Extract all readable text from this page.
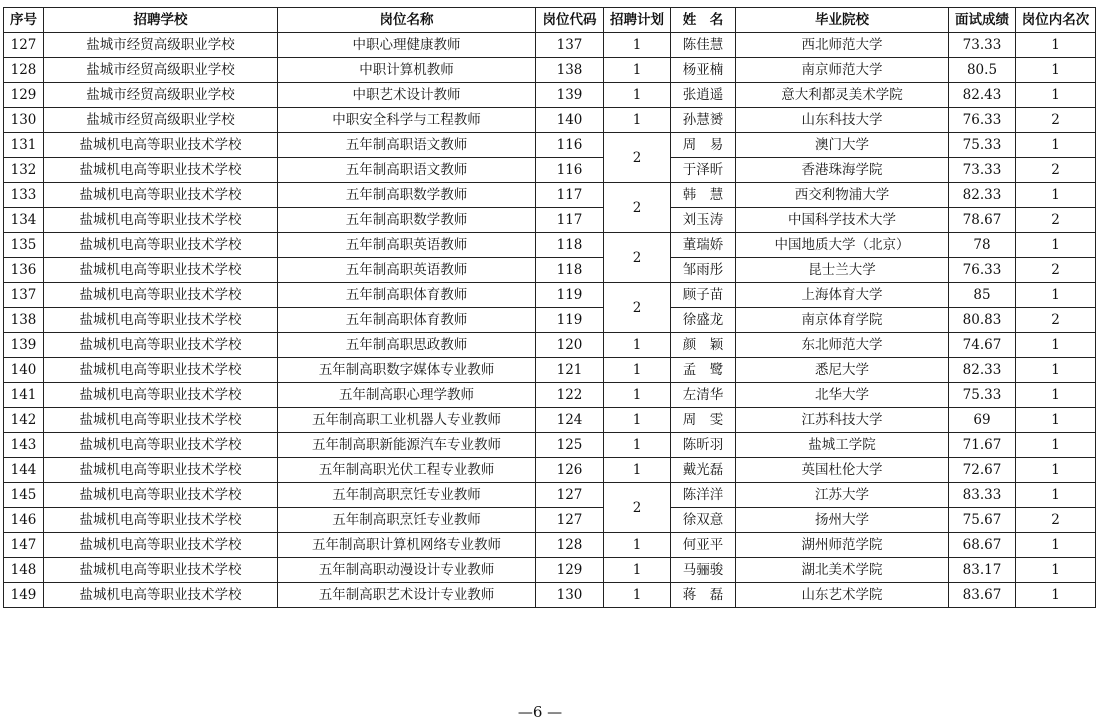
序号	招聘学校	岗位名称	岗位代码	招聘计划	姓　名	毕业院校	面试成绩	岗位内名次
127	盐城市经贸高级职业学校	中职心理健康教师	137	1	陈佳慧	西北师范大学	73.33	1
128	盐城市经贸高级职业学校	中职计算机教师	138	1	杨亚楠	南京师范大学	80.5	1
129	盐城市经贸高级职业学校	中职艺术设计教师	139	1	张逍遥	意大利都灵美术学院	82.43	1
130	盐城市经贸高级职业学校	中职安全科学与工程教师	140	1	孙慧赟	山东科技大学	76.33	2
131	盐城机电高等职业技术学校	五年制高职语文教师	116	2	周　易	澳门大学	75.33	1
132	盐城机电高等职业技术学校	五年制高职语文教师	116		于泽昕	香港珠海学院	73.33	2
133	盐城机电高等职业技术学校	五年制高职数学教师	117	2	韩　慧	西交利物浦大学	82.33	1
134	盐城机电高等职业技术学校	五年制高职数学教师	117		刘玉涛	中国科学技术大学	78.67	2
135	盐城机电高等职业技术学校	五年制高职英语教师	118	2	董瑞娇	中国地质大学（北京）	78	1
136	盐城机电高等职业技术学校	五年制高职英语教师	118		邹雨彤	昆士兰大学	76.33	2
137	盐城机电高等职业技术学校	五年制高职体育教师	119	2	顾子苗	上海体育大学	85	1
138	盐城机电高等职业技术学校	五年制高职体育教师	119		徐盛龙	南京体育学院	80.83	2
139	盐城机电高等职业技术学校	五年制高职思政教师	120	1	颜　颖	东北师范大学	74.67	1
140	盐城机电高等职业技术学校	五年制高职数字媒体专业教师	121	1	孟　鹭	悉尼大学	82.33	1
141	盐城机电高等职业技术学校	五年制高职心理学教师	122	1	左清华	北华大学	75.33	1
142	盐城机电高等职业技术学校	五年制高职工业机器人专业教师	124	1	周　雯	江苏科技大学	69	1
143	盐城机电高等职业技术学校	五年制高职新能源汽车专业教师	125	1	陈昕羽	盐城工学院	71.67	1
144	盐城机电高等职业技术学校	五年制高职光伏工程专业教师	126	1	戴光磊	英国杜伦大学	72.67	1
145	盐城机电高等职业技术学校	五年制高职烹饪专业教师	127	2	陈洋洋	江苏大学	83.33	1
146	盐城机电高等职业技术学校	五年制高职烹饪专业教师	127		徐双意	扬州大学	75.67	2
147	盐城机电高等职业技术学校	五年制高职计算机网络专业教师	128	1	何亚平	湖州师范学院	68.67	1
148	盐城机电高等职业技术学校	五年制高职动漫设计专业教师	129	1	马骊骏	湖北美术学院	83.17	1
149	盐城机电高等职业技术学校	五年制高职艺术设计专业教师	130	1	蒋　磊	山东艺术学院	83.67	1
—6 —
